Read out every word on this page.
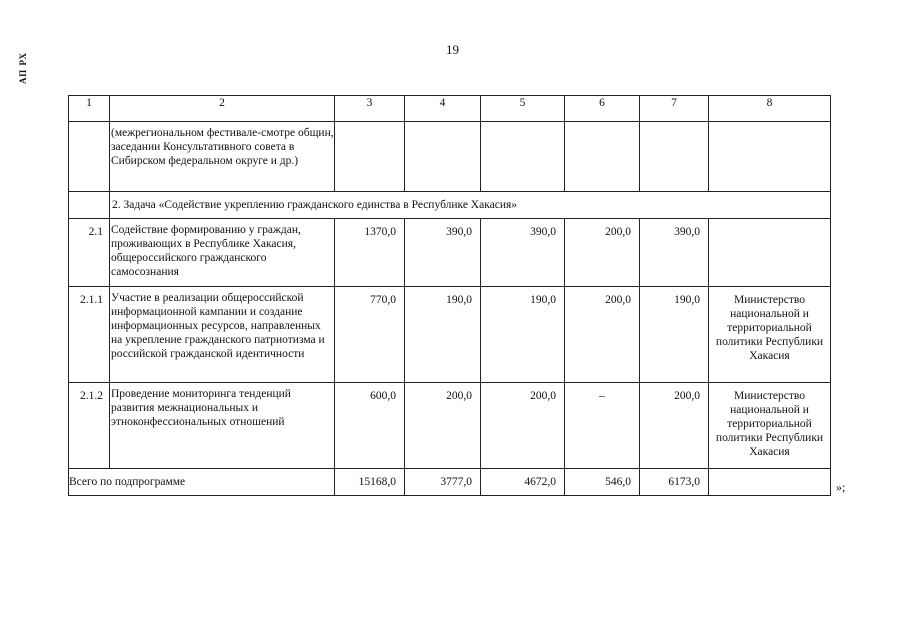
АП РХ
19
1	2	3	4	5	6	7	8
	(межрегиональном фестивале-смотре общин, заседании Консультативного совета в Сибирском федеральном округе и др.)						
	2. Задача «Содействие укреплению гражданского единства в Республике Хакасия»						
2.1	Содействие формированию у граждан, проживающих в Республике Хакасия, общероссийского гражданского самосознания	1370,0	390,0	390,0	200,0	390,0	
2.1.1	Участие в реализации общероссийской информационной кампании и создание информационных ресурсов, направленных на укрепление гражданского патриотизма и российской гражданской идентичности	770,0	190,0	190,0	200,0	190,0	Министерство национальной и территориальной политики Республики Хакасия
2.1.2	Проведение мониторинга тенденций развития межнациональных и этноконфессиональных отношений	600,0	200,0	200,0	–	200,0	Министерство национальной и территориальной политики Республики Хакасия
Всего по подпрограмме		15168,0	3777,0	4672,0	546,0	6173,0		»;
